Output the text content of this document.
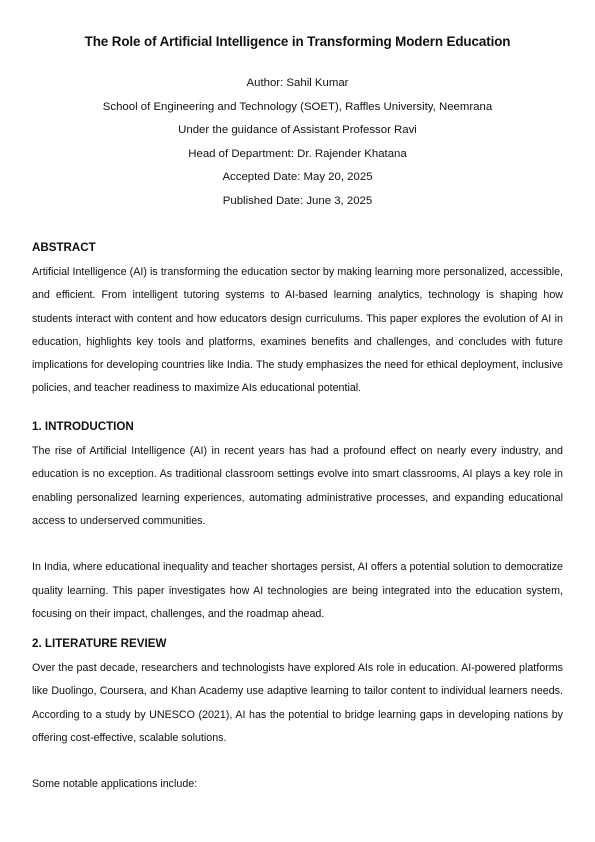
The Role of Artificial Intelligence in Transforming Modern Education
Author: Sahil Kumar
School of Engineering and Technology (SOET), Raffles University, Neemrana
Under the guidance of Assistant Professor Ravi
Head of Department: Dr. Rajender Khatana
Accepted Date: May 20, 2025
Published Date: June 3, 2025
ABSTRACT

Artificial Intelligence (AI) is transforming the education sector by making learning more personalized, accessible, and efficient. From intelligent tutoring systems to AI-based learning analytics, technology is shaping how students interact with content and how educators design curriculums. This paper explores the evolution of AI in education, highlights key tools and platforms, examines benefits and challenges, and concludes with future implications for developing countries like India. The study emphasizes the need for ethical deployment, inclusive policies, and teacher readiness to maximize AIs educational potential.

1. INTRODUCTION

The rise of Artificial Intelligence (AI) in recent years has had a profound effect on nearly every industry, and education is no exception. As traditional classroom settings evolve into smart classrooms, AI plays a key role in enabling personalized learning experiences, automating administrative processes, and expanding educational access to underserved communities.

In India, where educational inequality and teacher shortages persist, AI offers a potential solution to democratize quality learning. This paper investigates how AI technologies are being integrated into the education system, focusing on their impact, challenges, and the roadmap ahead.

2. LITERATURE REVIEW

Over the past decade, researchers and technologists have explored AIs role in education. AI-powered platforms like Duolingo, Coursera, and Khan Academy use adaptive learning to tailor content to individual learners needs. According to a study by UNESCO (2021), AI has the potential to bridge learning gaps in developing nations by offering cost-effective, scalable solutions.

Some notable applications include:
